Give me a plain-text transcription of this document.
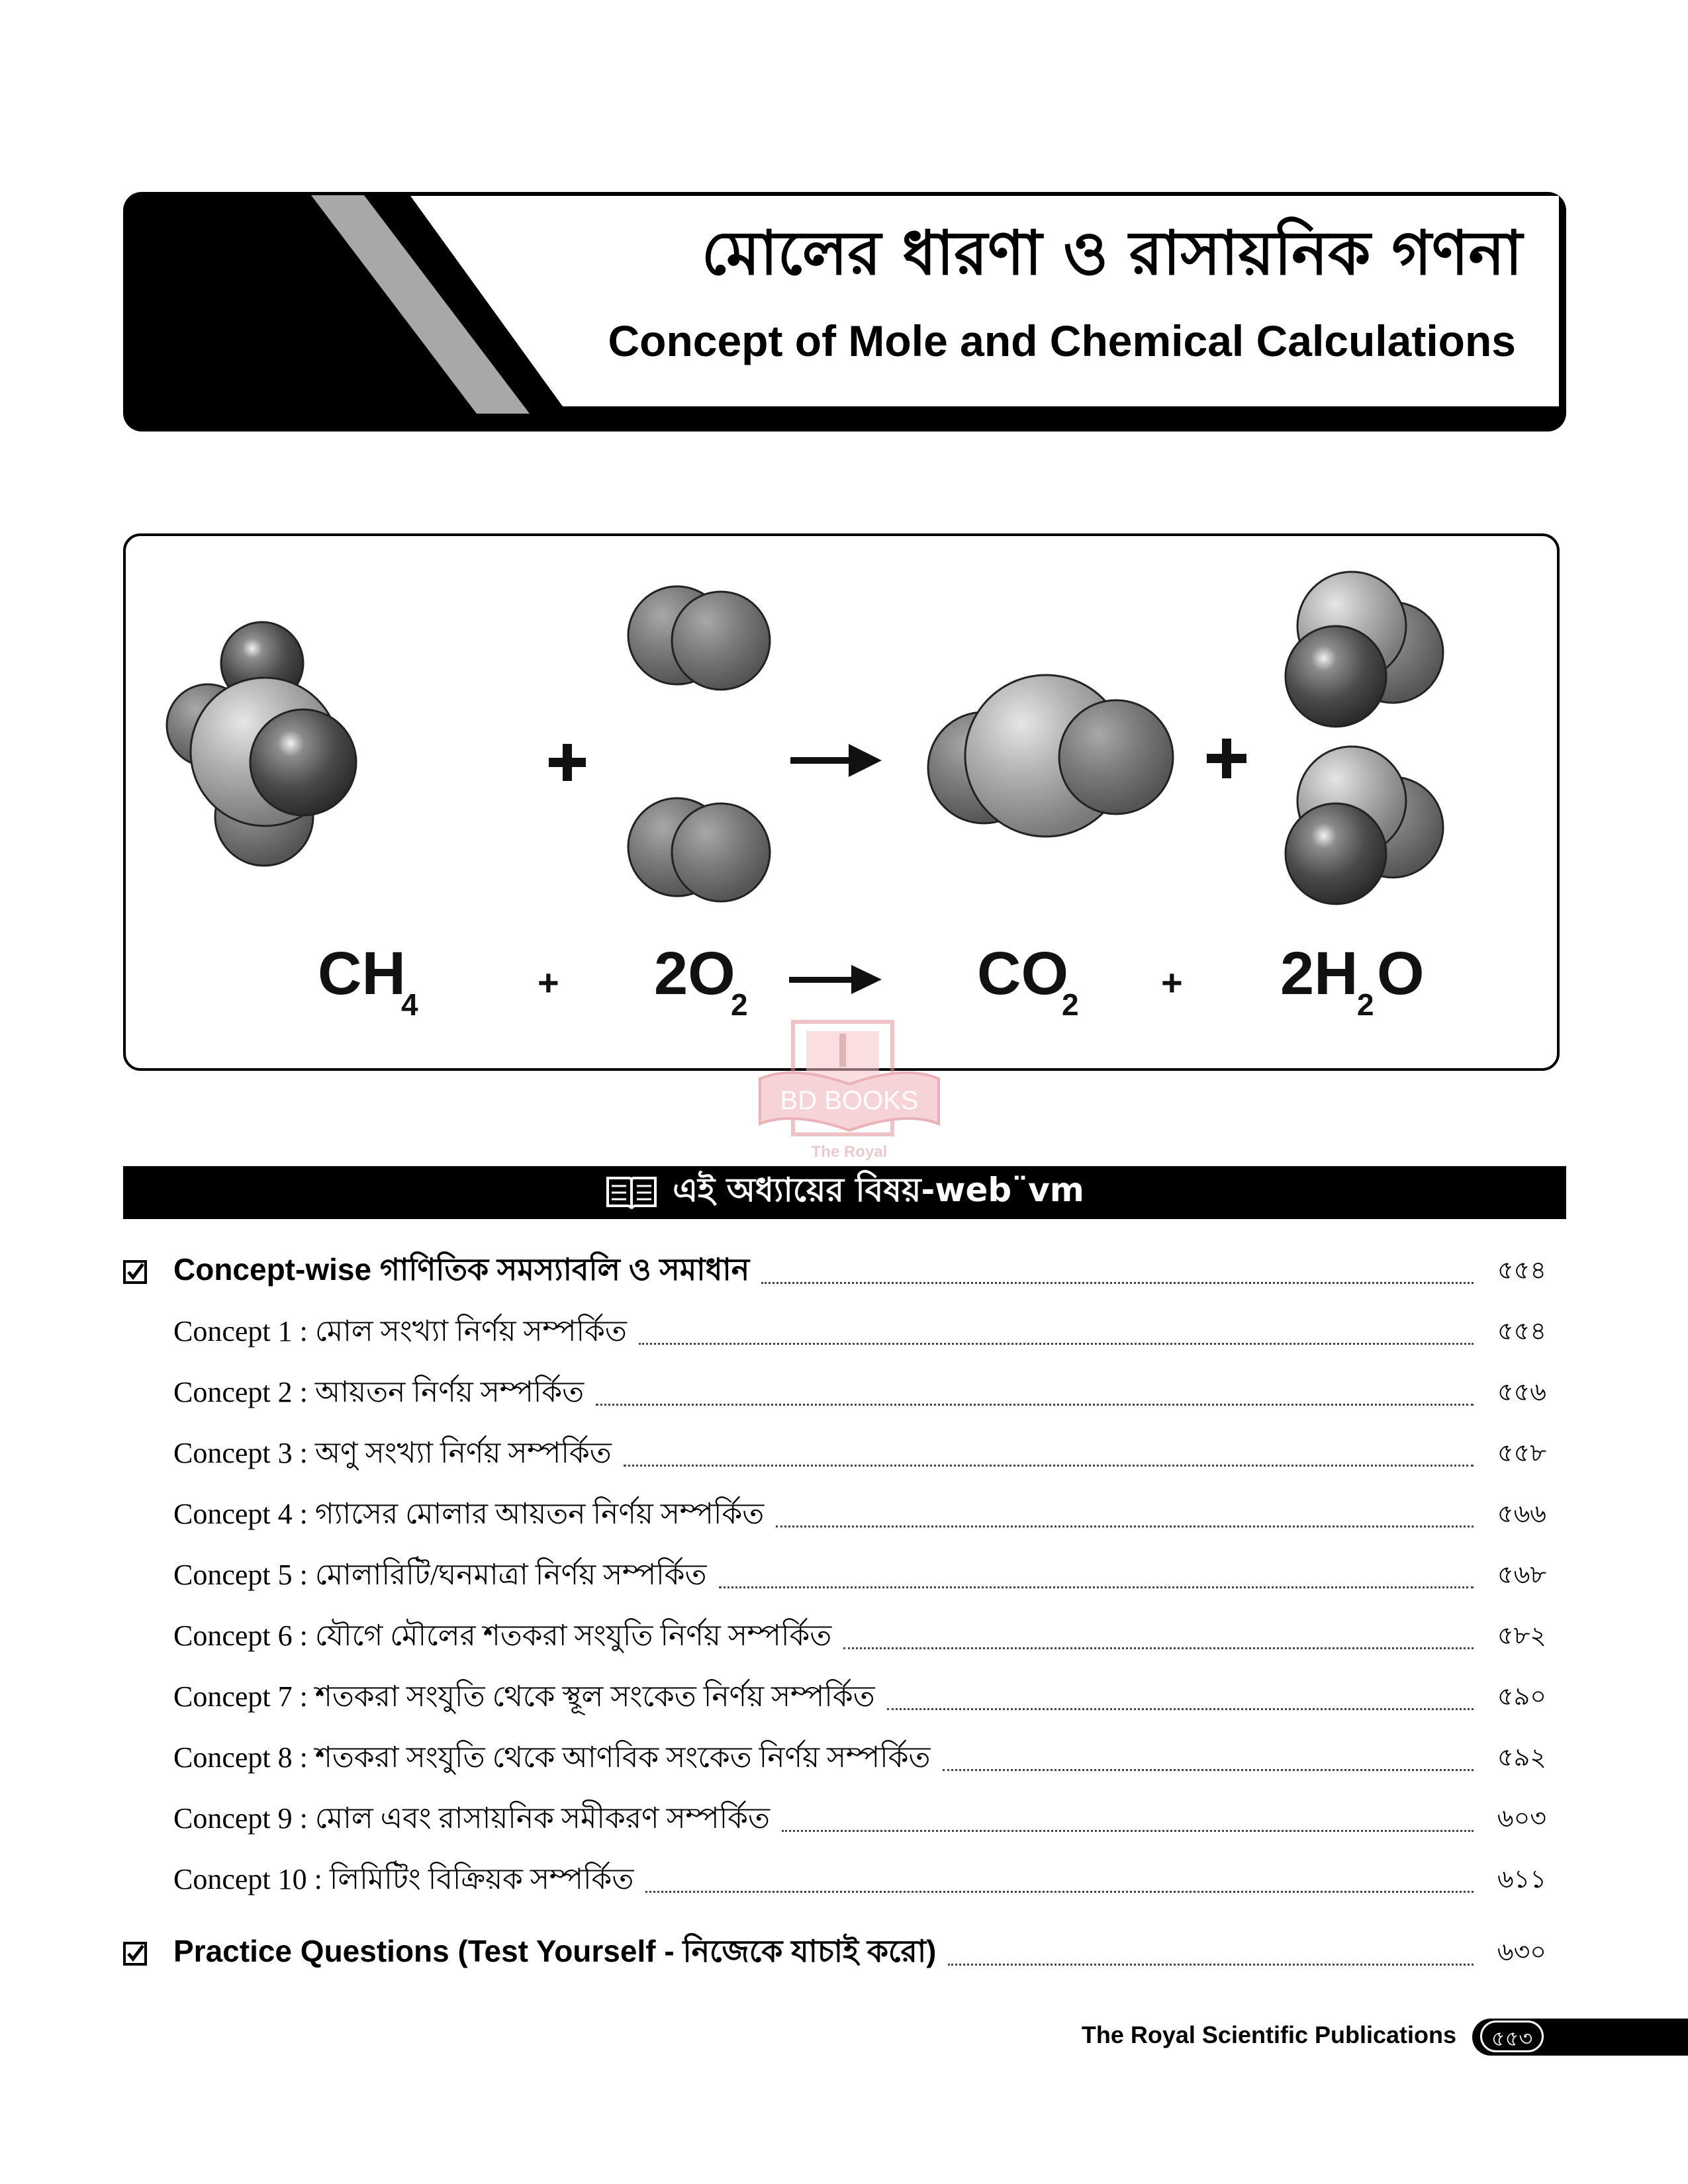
মোলের ধারণা ও রাসায়নিক গণনা
Concept of Mole and Chemical Calculations
CH
4
+ 2O
2	CO
2
+ 2H
2 O
BD BOOKS
The Royal
এই অধ্যায়ের বিষয়-web¨vm
Concept-wise গাণিতিক সমস্যাবলি ও সমাধান	৫৫৪
Concept 1 : মোল সংখ্যা নির্ণয় সম্পর্কিত	৫৫৪
Concept 2 : আয়তন নির্ণয় সম্পর্কিত	৫৫৬
Concept 3 : অণু সংখ্যা নির্ণয় সম্পর্কিত	৫৫৮
Concept 4 : গ্যাসের মোলার আয়তন নির্ণয় সম্পর্কিত	৫৬৬
Concept 5 : মোলারিটি/ঘনমাত্রা নির্ণয় সম্পর্কিত	৫৬৮
Concept 6 : যৌগে মৌলের শতকরা সংযুতি নির্ণয় সম্পর্কিত	৫৮২
Concept 7 : শতকরা সংযুতি থেকে স্থূল সংকেত নির্ণয় সম্পর্কিত	৫৯০
Concept 8 : শতকরা সংযুতি থেকে আণবিক সংকেত নির্ণয় সম্পর্কিত	৫৯২
Concept 9 : মোল এবং রাসায়নিক সমীকরণ সম্পর্কিত	৬০৩
Concept 10 : লিমিটিং বিক্রিয়ক সম্পর্কিত	৬১১
Practice Questions (Test Yourself - নিজেকে যাচাই করো)	৬৩০
The Royal Scientific Publications	৫৫৩
